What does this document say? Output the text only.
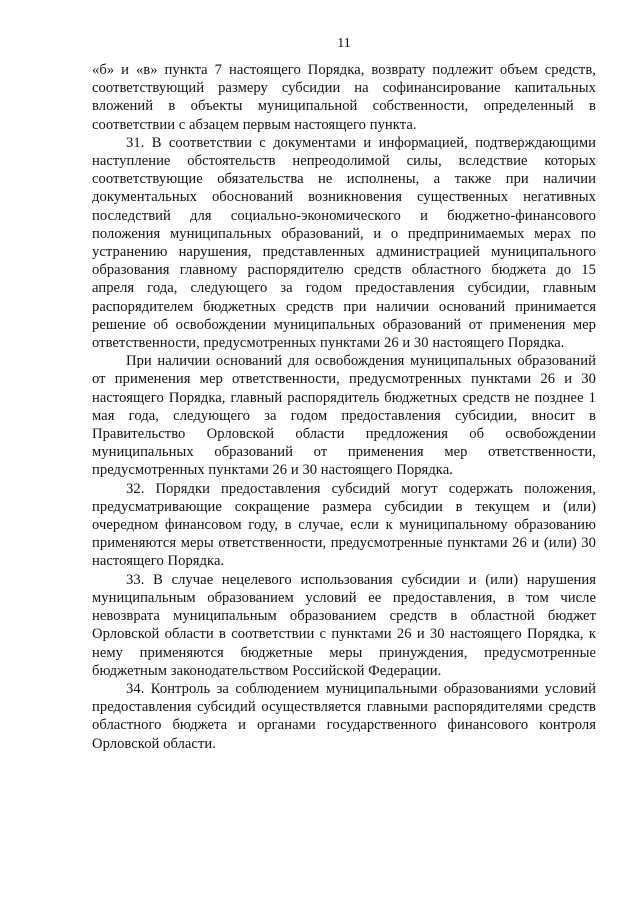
11

«б» и «в» пункта 7 настоящего Порядка, возврату подлежит объем средств, соответствующий размеру субсидии на софинансирование капитальных вложений в объекты муниципальной собственности, определенный в соответствии с абзацем первым настоящего пункта.

31. В соответствии с документами и информацией, подтверждающими наступление обстоятельств непреодолимой силы, вследствие которых соответствующие обязательства не исполнены, а также при наличии документальных обоснований возникновения существенных негативных последствий для социально-экономического и бюджетно-финансового положения муниципальных образований, и о предпринимаемых мерах по устранению нарушения, представленных администрацией муниципального образования главному распорядителю средств областного бюджета до 15 апреля года, следующего за годом предоставления субсидии, главным распорядителем бюджетных средств при наличии оснований принимается решение об освобождении муниципальных образований от применения мер ответственности, предусмотренных пунктами 26 и 30 настоящего Порядка.

При наличии оснований для освобождения муниципальных образований от применения мер ответственности, предусмотренных пунктами 26 и 30 настоящего Порядка, главный распорядитель бюджетных средств не позднее 1 мая года, следующего за годом предоставления субсидии, вносит в Правительство Орловской области предложения об освобождении муниципальных образований от применения мер ответственности, предусмотренных пунктами 26 и 30 настоящего Порядка.

32. Порядки предоставления субсидий могут содержать положения, предусматривающие сокращение размера субсидии в текущем и (или) очередном финансовом году, в случае, если к муниципальному образованию применяются меры ответственности, предусмотренные пунктами 26 и (или) 30 настоящего Порядка.

33. В случае нецелевого использования субсидии и (или) нарушения муниципальным образованием условий ее предоставления, в том числе невозврата муниципальным образованием средств в областной бюджет Орловской области в соответствии с пунктами 26 и 30 настоящего Порядка, к нему применяются бюджетные меры принуждения, предусмотренные бюджетным законодательством Российской Федерации.

34. Контроль за соблюдением муниципальными образованиями условий предоставления субсидий осуществляется главными распорядителями средств областного бюджета и органами государственного финансового контроля Орловской области.
